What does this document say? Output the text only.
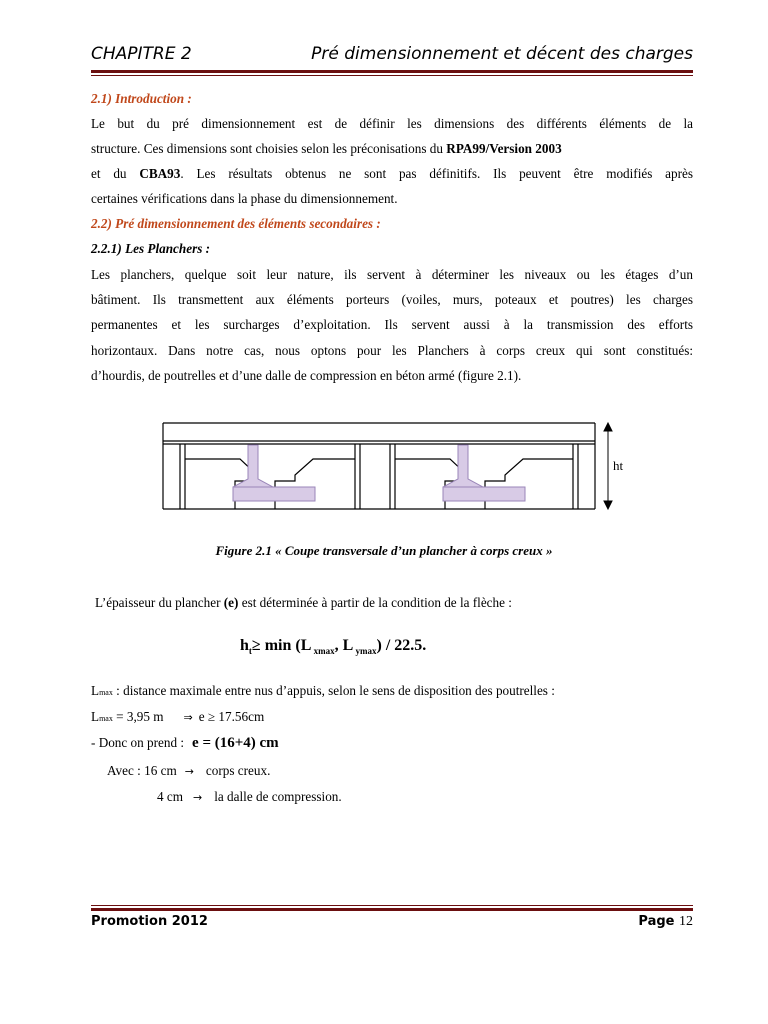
CHAPITRE 2	Pré dimensionnement et décent des charges
2.1) Introduction :
Le but du pré dimensionnement est de définir les dimensions des différents éléments de la
structure. Ces dimensions sont choisies selon les préconisations du RPA99/Version 2003
et du CBA93. Les résultats obtenus ne sont pas définitifs. Ils peuvent être modifiés après
certaines vérifications dans la phase du dimensionnement.
2.2) Pré dimensionnement des éléments secondaires :
2.2.1) Les Planchers :
Les planchers, quelque soit leur nature, ils servent à déterminer les niveaux ou les étages d’un
bâtiment. Ils transmettent aux éléments porteurs (voiles, murs, poteaux et poutres) les charges
permanentes et les surcharges d’exploitation. Ils servent aussi à la transmission des efforts
horizontaux. Dans notre cas, nous optons pour les Planchers à corps creux qui sont constitués:
d’hourdis, de poutrelles et d’une dalle de compression en béton armé (figure 2.1).
ht
Figure 2.1 « Coupe transversale d’un plancher à corps creux »
L’épaisseur du plancher (e) est déterminée à partir de la condition de la flèche :
$h_t\ge \min (L$ $_{xmax}$, L $_{ymax}$) / 22.5.
Lmax : distance maximale entre nus d’appuis, selon le sens de disposition des poutrelles :
Lmax = 3,95 m ⇒ e ≥ 17.56cm
- Donc on prend : e = (16+4) cm
Avec : 16 cm → corps creux.
4 cm → la dalle de compression.
Promotion 2012	Page 12
